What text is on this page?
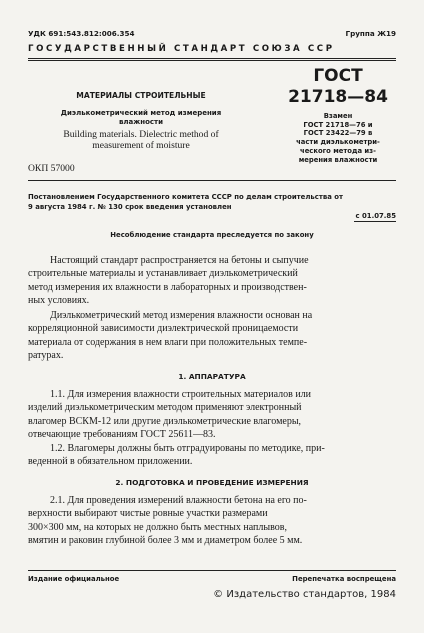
УДК 691:543.812:006.354	Группа Ж19
ГОСУДАРСТВЕННЫЙ СТАНДАРТ СОЮЗА ССР
МАТЕРИАЛЫ СТРОИТЕЛЬНЫЕ
Диэлькометрический метод измерения
влажности
Building materials. Dielectric method of
measurement of moisture
ОКП 57000
ГОСТ
21718—84
Взамен
ГОСТ 21718—76 и
ГОСТ 23422—79 в
части диэлькометри-
ческого метода из-
мерения влажности
Постановлением Государственного комитета СССР по делам строительства от
9 августа 1984 г. № 130 срок введения установлен
с 01.07.85
Несоблюдение стандарта преследуется по закону
Настоящий стандарт распространяется на бетоны и сыпучие
строительные материалы и устанавливает диэлькометрический
метод измерения их влажности в лабораторных и производствен-
ных условиях.
Диэлькометрический метод измерения влажности основан на
корреляционной зависимости диэлектрической проницаемости
материала от содержания в нем влаги при положительных темпе-
ратурах.
1. АППАРАТУРА
1.1. Для измерения влажности строительных материалов или
изделий диэлькометрическим методом применяют электронный
влагомер ВСКМ-12 или другие диэлькометрические влагомеры,
отвечающие требованиям ГОСТ 25611—83.
1.2. Влагомеры должны быть отградуированы по методике, при-
веденной в обязательном приложении.
2. ПОДГОТОВКА И ПРОВЕДЕНИЕ ИЗМЕРЕНИЯ
2.1. Для проведения измерений влажности бетона на его по-
верхности выбирают чистые ровные участки размерами
300×300 мм, на которых не должно быть местных наплывов,
вмятин и раковин глубиной более 3 мм и диаметром более 5 мм.
Издание официальное	Перепечатка воспрещена
© Издательство стандартов, 1984
